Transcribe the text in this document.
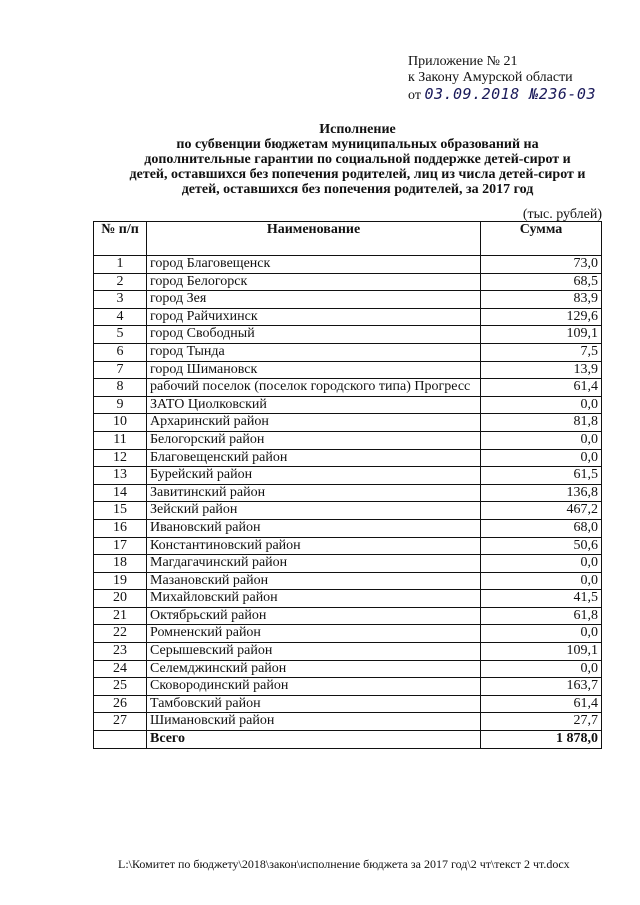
Приложение № 21
к Закону Амурской области
от 03.09.2018 №236-03
Исполнение
по субвенции бюджетам муниципальных образований на
дополнительные гарантии по социальной поддержке детей-сирот и
детей, оставшихся без попечения родителей, лиц из числа детей-сирот и
детей, оставшихся без попечения родителей, за 2017 год
(тыс. рублей)
№ п/п	Наименование	Сумма
1	город Благовещенск	73,0
2	город Белогорск	68,5
3	город Зея	83,9
4	город Райчихинск	129,6
5	город Свободный	109,1
6	город Тында	7,5
7	город Шимановск	13,9
8	рабочий поселок (поселок городского типа) Прогресс	61,4
9	ЗАТО Циолковский	0,0
10	Архаринский район	81,8
11	Белогорский район	0,0
12	Благовещенский район	0,0
13	Бурейский район	61,5
14	Завитинский район	136,8
15	Зейский район	467,2
16	Ивановский район	68,0
17	Константиновский район	50,6
18	Магдагачинский район	0,0
19	Мазановский район	0,0
20	Михайловский район	41,5
21	Октябрьский район	61,8
22	Ромненский район	0,0
23	Серышевский район	109,1
24	Селемджинский район	0,0
25	Сковородинский район	163,7
26	Тамбовский район	61,4
27	Шимановский район	27,7
	Всего	1 878,0
L:\Комитет по бюджету\2018\закон\исполнение бюджета за 2017 год\2 чт\текст 2 чт.docx
